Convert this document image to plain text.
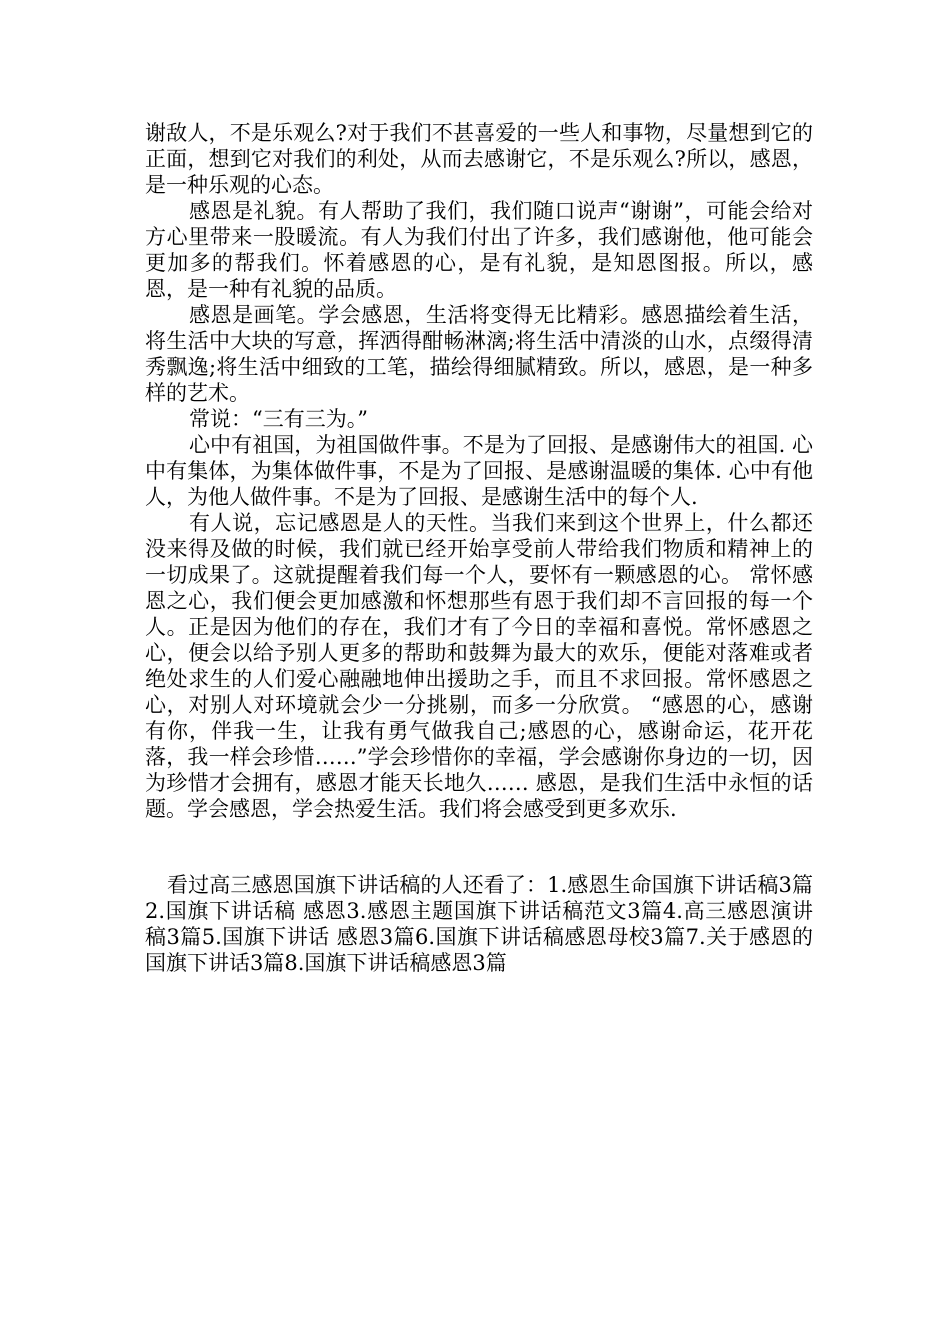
谢敌人，不是乐观么?对于我们不甚喜爱的一些人和事物，尽量想到它的正面，想到它对我们的利处，从而去感谢它，不是乐观么?所以，感恩，是一种乐观的心态。

感恩是礼貌。有人帮助了我们，我们随口说声“谢谢”，可能会给对方心里带来一股暖流。有人为我们付出了许多，我们感谢他，他可能会更加多的帮我们。怀着感恩的心，是有礼貌，是知恩图报。所以，感恩，是一种有礼貌的品质。

感恩是画笔。学会感恩，生活将变得无比精彩。感恩描绘着生活，将生活中大块的写意，挥洒得酣畅淋漓;将生活中清淡的山水，点缀得清秀飘逸;将生活中细致的工笔，描绘得细腻精致。所以，感恩，是一种多样的艺术。

常说：“三有三为。”

心中有祖国，为祖国做件事。不是为了回报、是感谢伟大的祖国. 心中有集体，为集体做件事，不是为了回报、是感谢温暖的集体. 心中有他人，为他人做件事。不是为了回报、是感谢生活中的每个人.

有人说，忘记感恩是人的天性。当我们来到这个世界上，什么都还没来得及做的时候，我们就已经开始享受前人带给我们物质和精神上的一切成果了。这就提醒着我们每一个人，要怀有一颗感恩的心。 常怀感恩之心，我们便会更加感激和怀想那些有恩于我们却不言回报的每一个人。正是因为他们的存在，我们才有了今日的幸福和喜悦。常怀感恩之心，便会以给予别人更多的帮助和鼓舞为最大的欢乐，便能对落难或者绝处求生的人们爱心融融地伸出援助之手，而且不求回报。常怀感恩之心，对别人对环境就会少一分挑剔，而多一分欣赏。 “感恩的心，感谢有你，伴我一生，让我有勇气做我自己;感恩的心，感谢命运，花开花落，我一样会珍惜……”学会珍惜你的幸福，学会感谢你身边的一切，因为珍惜才会拥有，感恩才能天长地久…… 感恩，是我们生活中永恒的话题。学会感恩，学会热爱生活。我们将会感受到更多欢乐.

看过高三感恩国旗下讲话稿的人还看了：1.感恩生命国旗下讲话稿3篇2.国旗下讲话稿 感恩3.感恩主题国旗下讲话稿范文3篇4.高三感恩演讲稿3篇5.国旗下讲话 感恩3篇6.国旗下讲话稿感恩母校3篇7.关于感恩的国旗下讲话3篇8.国旗下讲话稿感恩3篇
